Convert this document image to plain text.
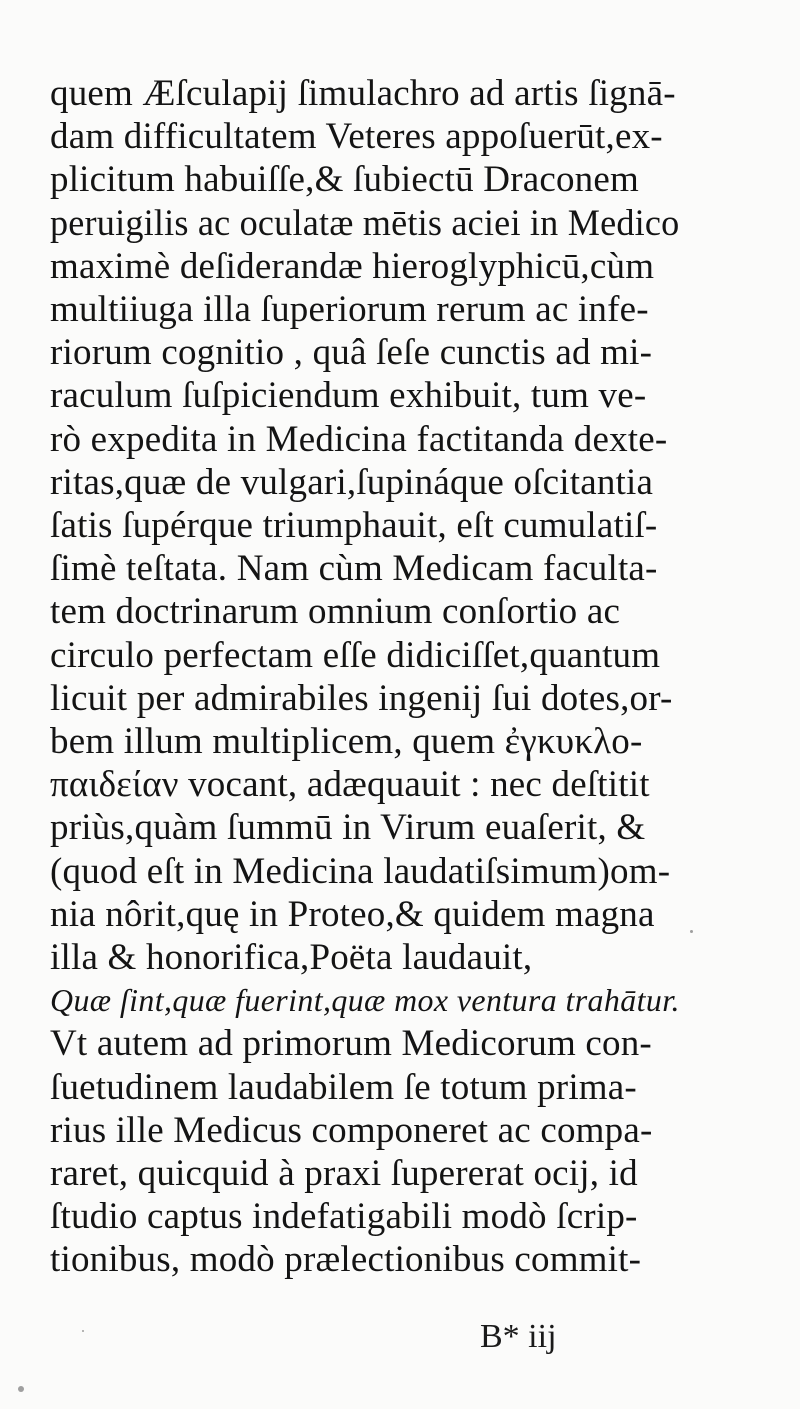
quem Æſculapij ſimulachro ad artis ſignā-
dam difficultatem Veteres appoſuerūt,ex-
plicitum habuiſſe,& ſubiectū Draconem
peruigilis ac oculatæ mētis aciei in Medico
maximè deſiderandæ hieroglyphicū,cùm
multiiuga illa ſuperiorum rerum ac infe-
riorum cognitio , quâ ſeſe cunctis ad mi-
raculum ſuſpiciendum exhibuit, tum ve-
rò expedita in Medicina factitanda dexte-
ritas,quæ de vulgari,ſupináque oſcitantia
ſatis ſupérque triumphauit, eſt cumulatiſ-
ſimè teſtata. Nam cùm Medicam faculta-
tem doctrinarum omnium conſortio ac
circulo perfectam eſſe didiciſſet,quantum
licuit per admirabiles ingenij ſui dotes,or-
bem illum multiplicem, quem ἐγκυκλο-
παιδείαν vocant, adæquauit : nec deſtitit
priùs,quàm ſummū in Virum euaſerit, &
(quod eſt in Medicina laudatiſsimum)om-
nia nôrit,quę in Proteo,& quidem magna
illa & honorifica,Poëta laudauit,
Quæ ſint,quæ fuerint,quæ mox ventura trahātur.
Vt autem ad primorum Medicorum con-
ſuetudinem laudabilem ſe totum prima-
rius ille Medicus componeret ac compa-
raret, quicquid à praxi ſupererat ocij, id
ſtudio captus indefatigabili modò ſcrip-
tionibus, modò prælectionibus commit-
B* iij
